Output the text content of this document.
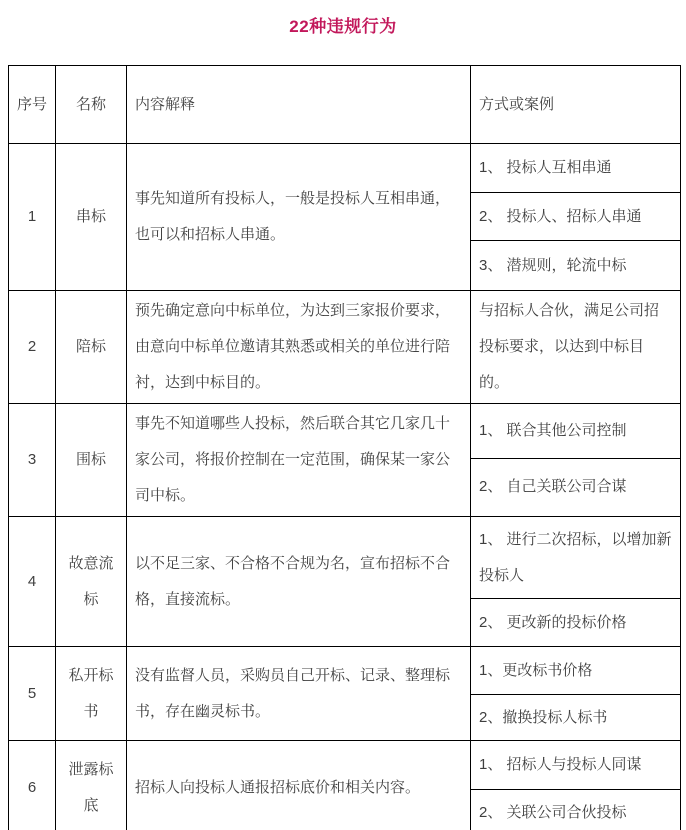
22种违规行为
序号	名称	内容解释	方式或案例
1	串标	事先知道所有投标人，一般是投标人互相串通，也可以和招标人串通。	1、 投标人互相串通
			2、 投标人、招标人串通
			3、 潜规则，轮流中标
2	陪标	预先确定意向中标单位，为达到三家报价要求，由意向中标单位邀请其熟悉或相关的单位进行陪衬，达到中标目的。	与招标人合伙，满足公司招投标要求，以达到中标目的。
3	围标	事先不知道哪些人投标，然后联合其它几家几十家公司，将报价控制在一定范围，确保某一家公司中标。	1、 联合其他公司控制
			2、 自己关联公司合谋
4	故意流标	以不足三家、不合格不合规为名，宣布招标不合格，直接流标。	1、 进行二次招标，以增加新投标人
			2、 更改新的投标价格
5	私开标书	没有监督人员，采购员自己开标、记录、整理标书，存在幽灵标书。	1、更改标书价格
			2、撤换投标人标书
6	泄露标底	招标人向投标人通报招标底价和相关内容。	1、 招标人与投标人同谋
			2、 关联公司合伙投标
